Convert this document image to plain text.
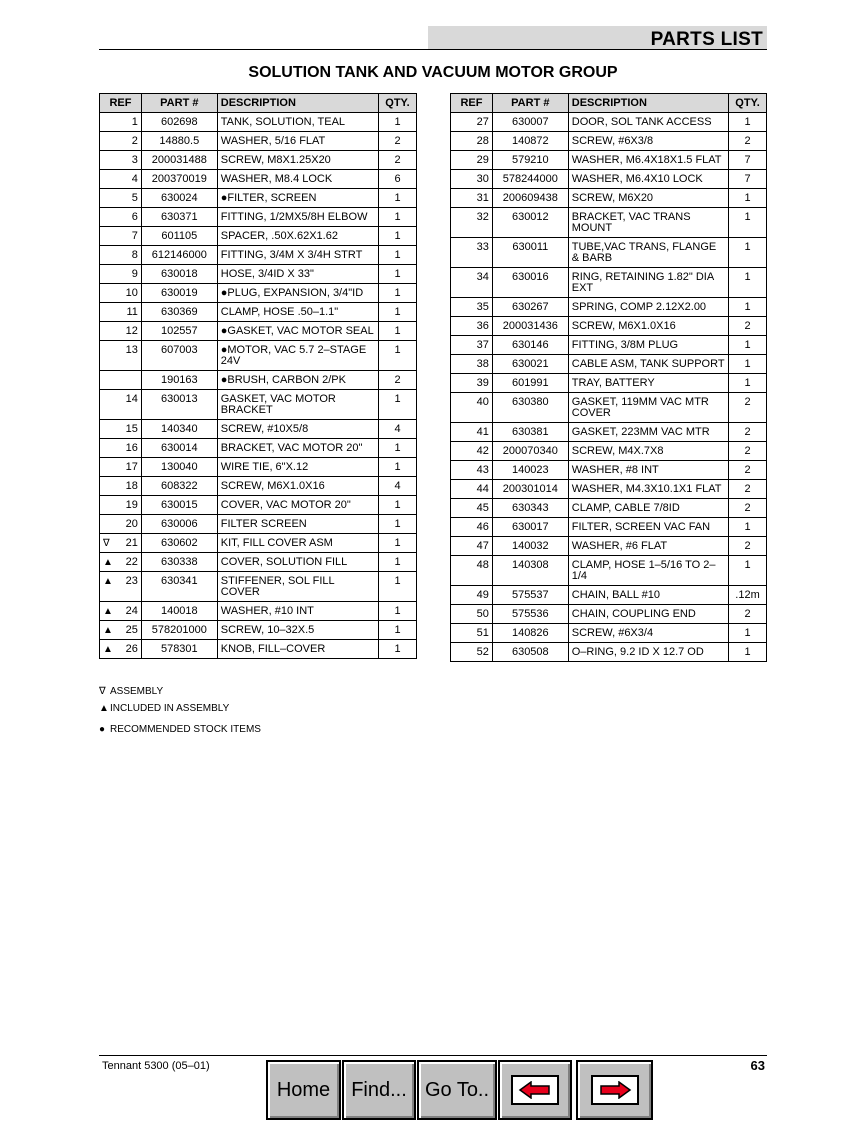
PARTS LIST
SOLUTION TANK AND VACUUM MOTOR GROUP
REF	PART #	DESCRIPTION	QTY.
1	602698	TANK, SOLUTION, TEAL	1
2	14880.5	WASHER, 5/16 FLAT	2
3	200031488	SCREW, M8X1.25X20	2
4	200370019	WASHER, M8.4 LOCK	6
5	630024	●FILTER, SCREEN	1
6	630371	FITTING, 1/2MX5/8H ELBOW	1
7	601105	SPACER, .50X.62X1.62	1
8	612146000	FITTING, 3/4M X 3/4H STRT	1
9	630018	HOSE, 3/4ID X 33"	1
10	630019	●PLUG, EXPANSION, 3/4"ID	1
11	630369	CLAMP, HOSE .50–1.1"	1
12	102557	●GASKET, VAC MOTOR SEAL	1
13	607003	●MOTOR, VAC 5.7 2–STAGE 24V	1
	190163	●BRUSH, CARBON 2/PK	2
14	630013	GASKET, VAC MOTOR BRACKET	1
15	140340	SCREW, #10X5/8	4
16	630014	BRACKET, VAC MOTOR 20"	1
17	130040	WIRE TIE, 6"X.12	1
18	608322	SCREW, M6X1.0X16	4
19	630015	COVER, VAC MOTOR 20"	1
20	630006	FILTER SCREEN	1

∇ 21	630602	KIT, FILL COVER ASM	1

▲ 22	630338	COVER, SOLUTION FILL	1

▲ 23	630341	STIFFENER, SOL FILL COVER	1

▲ 24	140018	WASHER, #10 INT	1

▲ 25	578201000	SCREW, 10–32X.5	1

▲ 26	578301	KNOB, FILL–COVER	1
REF	PART #	DESCRIPTION	QTY.
27	630007	DOOR, SOL TANK ACCESS	1
28	140872	SCREW, #6X3/8	2
29	579210	WASHER, M6.4X18X1.5 FLAT	7
30	578244000	WASHER, M6.4X10 LOCK	7
31	200609438	SCREW, M6X20	1
32	630012	BRACKET, VAC TRANS MOUNT	1
33	630011	TUBE,VAC TRANS, FLANGE & BARB	1
34	630016	RING, RETAINING 1.82" DIA EXT	1
35	630267	SPRING, COMP 2.12X2.00	1
36	200031436	SCREW, M6X1.0X16	2
37	630146	FITTING, 3/8M PLUG	1
38	630021	CABLE ASM, TANK SUPPORT	1
39	601991	TRAY, BATTERY	1
40	630380	GASKET, 119MM VAC MTR COVER	2
41	630381	GASKET, 223MM VAC MTR	2
42	200070340	SCREW, M4X.7X8	2
43	140023	WASHER, #8 INT	2
44	200301014	WASHER, M4.3X10.1X1 FLAT	2
45	630343	CLAMP, CABLE 7/8ID	2
46	630017	FILTER, SCREEN VAC FAN	1
47	140032	WASHER, #6 FLAT	2
48	140308	CLAMP, HOSE 1–5/16 TO 2–1/4	1
49	575537	CHAIN, BALL #10	.12m
50	575536	CHAIN, COUPLING END	2
51	140826	SCREW, #6X3/4	1
52	630508	O–RING, 9.2 ID X 12.7 OD	1
∇ ASSEMBLY
▲INCLUDED IN ASSEMBLY
● RECOMMENDED STOCK ITEMS
Tennant 5300 (05–01)	63
Home	Find... Go To..
